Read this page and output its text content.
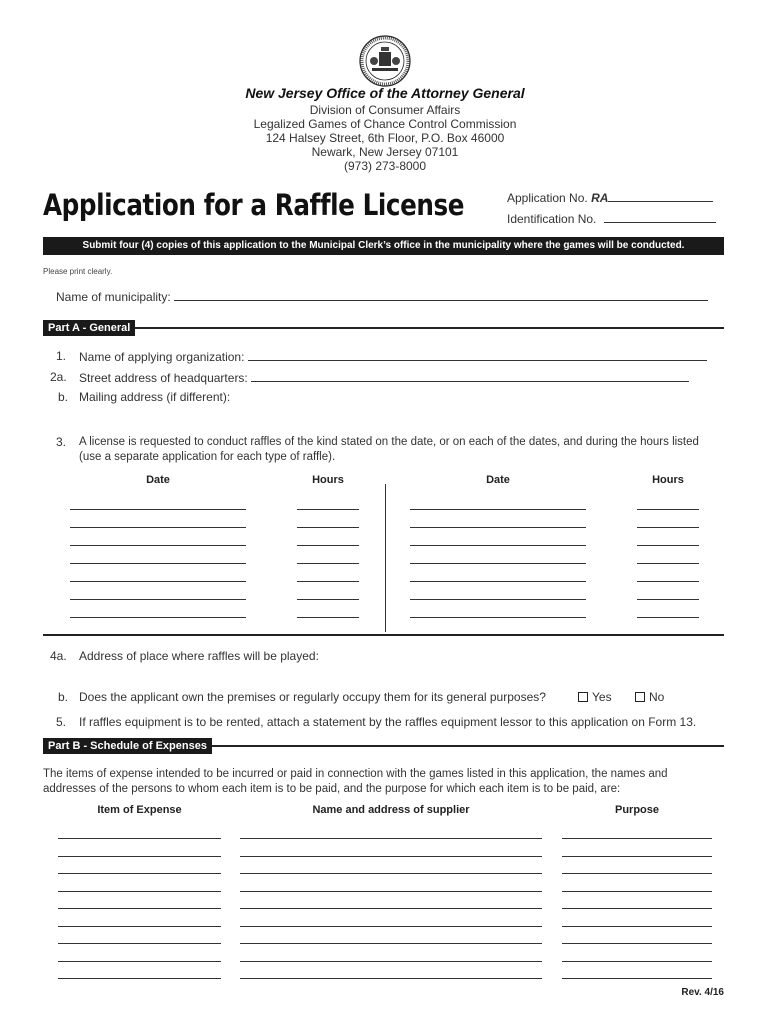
New Jersey Office of the Attorney General
Division of Consumer Affairs
Legalized Games of Chance Control Commission
124 Halsey Street, 6th Floor, P.O. Box 46000
Newark, New Jersey 07101
(973) 273-8000
Application for a Raffle License	Application No. RA
Identification No.
Submit four (4) copies of this application to the Municipal Clerk’s office in the municipality where the games will be conducted.
Please print clearly.
Name of municipality:
Part A - General
1. Name of applying organization:
2a. Street address of headquarters:
b. Mailing address (if different):
3. A license is requested to conduct raffles of the kind stated on the date, or on each of the dates, and during the hours listed
(use a separate application for each type of raffle).
Date	Hours	Date	Hours
4a. Address of place where raffles will be played:
b. Does the applicant own the premises or regularly occupy them for its general purposes?	Yes	No
5. If raffles equipment is to be rented, attach a statement by the raffles equipment lessor to this application on Form 13.
Part B - Schedule of Expenses
The items of expense intended to be incurred or paid in connection with the games listed in this application, the names and
addresses of the persons to whom each item is to be paid, and the purpose for which each item is to be paid, are:
Item of Expense	Name and address of supplier	Purpose
Rev. 4/16
